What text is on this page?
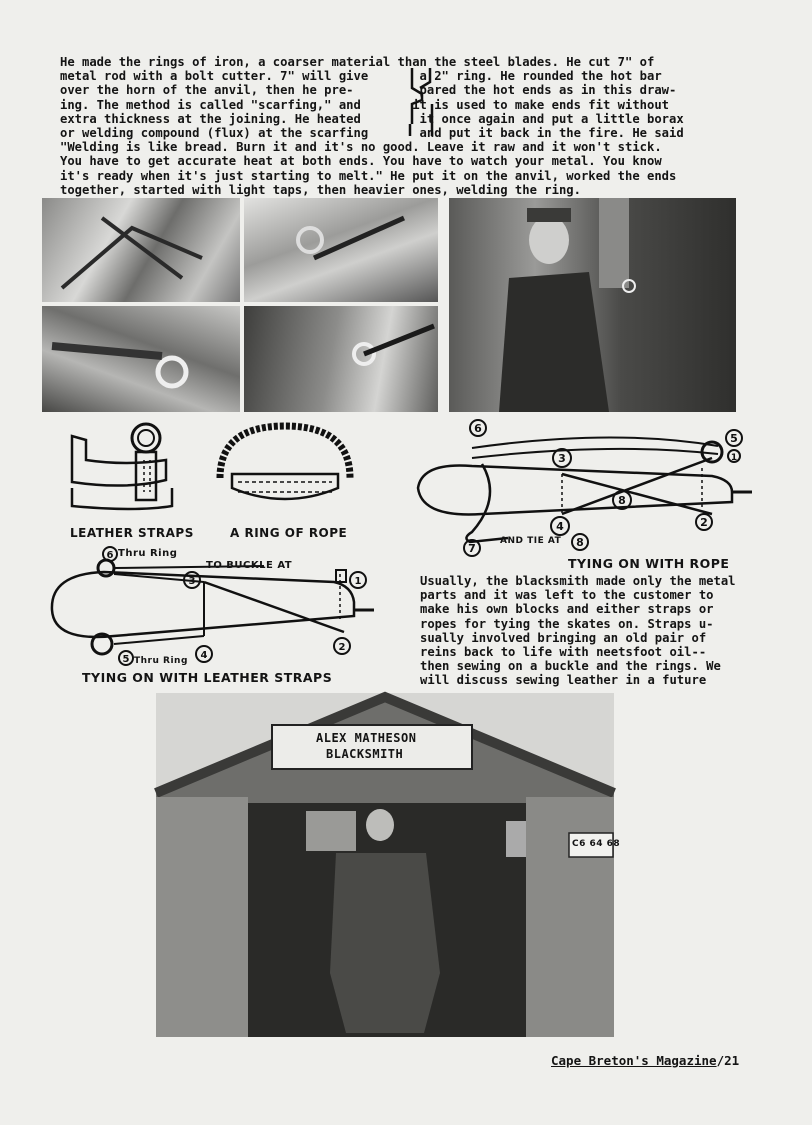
He made the rings of iron, a coarser material than the steel blades. He cut 7" of
metal rod with a bolt cutter. 7" will give       a 2" ring. He rounded the hot bar
over the horn of the anvil, then he pre-         pared the hot ends as in this draw-
ing. The method is called "scarfing," and       it is used to make ends fit without
extra thickness at the joining. He heated        it once again and put a little borax
or welding compound (flux) at the scarfing       and put it back in the fire. He said
"Welding is like bread. Burn it and it's no good. Leave it raw and it won't stick.
You have to get accurate heat at both ends. You have to watch your metal. You know
it's ready when it's just starting to melt." He put it on the anvil, worked the ends
together, started with light taps, then heavier ones, welding the ring.
LEATHER STRAPS	A RING OF ROPE
6
5
1
3
8
4	2
7	8
AND TIE AT
TYING ON WITH ROPE
6
1
3
2
4
5
Thru Ring
TO BUCKLE AT
Thru Ring
TYING ON WITH LEATHER STRAPS
Usually, the blacksmith made only the metal
parts and it was left to the customer to
make his own blocks and either straps or
ropes for tying the skates on. Straps u-
sually involved bringing an old pair of
reins back to life with neetsfoot oil--
then sewing on a buckle and the rings. We
will discuss sewing leather in a future
ALEX MATHESON
BLACKSMITH
C6 64 68
Cape Breton's Magazine/21
